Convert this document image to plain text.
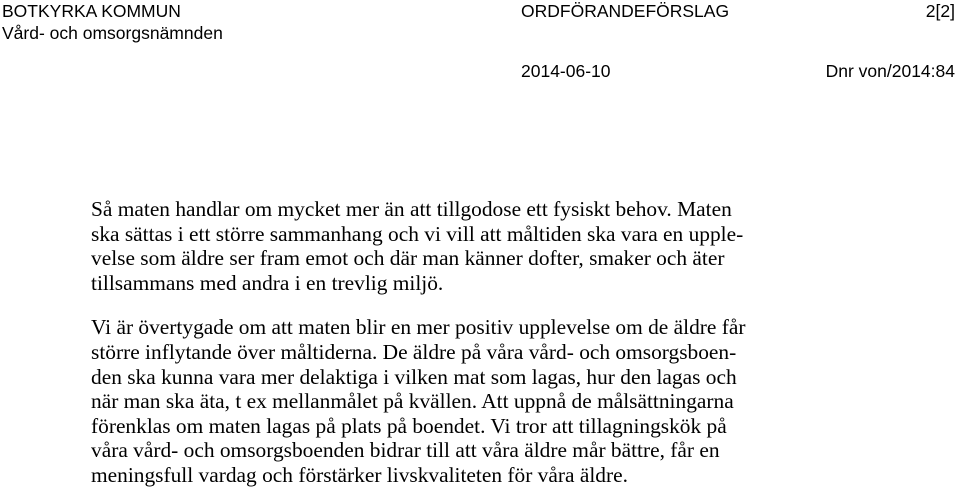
BOTKYRKA KOMMUN
Vård- och omsorgsnämnden
ORDFÖRANDEFÖRSLAG	2[2]
2014-06-10	Dnr von/2014:84

Så maten handlar om mycket mer än att tillgodose ett fysiskt behov. Maten
ska sättas i ett större sammanhang och vi vill att måltiden ska vara en upple-
velse som äldre ser fram emot och där man känner dofter, smaker och äter
tillsammans med andra i en trevlig miljö.

Vi är övertygade om att maten blir en mer positiv upplevelse om de äldre får
större inflytande över måltiderna. De äldre på våra vård- och omsorgsboen-
den ska kunna vara mer delaktiga i vilken mat som lagas, hur den lagas och
när man ska äta, t ex mellanmålet på kvällen. Att uppnå de målsättningarna
förenklas om maten lagas på plats på boendet. Vi tror att tillagningskök på
våra vård- och omsorgsboenden bidrar till att våra äldre mår bättre, får en
meningsfull vardag och förstärker livskvaliteten för våra äldre.
